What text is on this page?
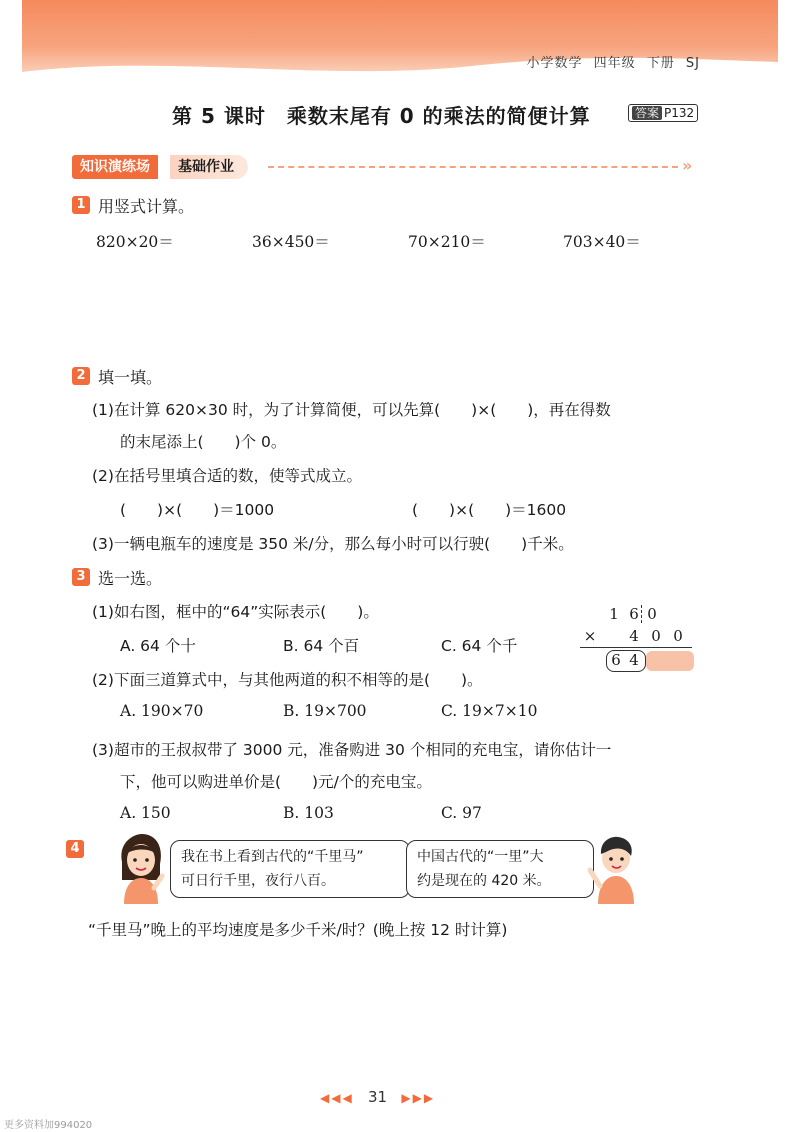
小学数学 四年级 下册 SJ
第 5 课时　乘数末尾有 0 的乘法的简便计算	答案 P132
知识演练场	基础作业	»
1 用竖式计算。
820×20＝	36×450＝	70×210＝	703×40＝
2 填一填。
(1)在计算 620×30 时，为了计算简便，可以先算(　　)×(　　)，再在得数
的末尾添上(　　)个 0。
(2)在括号里填合适的数，使等式成立。
(　　)×(　　)＝1000	(　　)×(　　)＝1600
(3)一辆电瓶车的速度是 350 米/分，那么每小时可以行驶(　　)千米。
3 选一选。
(1)如右图，框中的“64”实际表示(　　)。
A. 64 个十	B. 64 个百	C. 64 个千
1 6 0
× 4 0 0
6 4
(2)下面三道算式中，与其他两道的积不相等的是(　　)。
A. 190×70	B. 19×700	C. 19×7×10
(3)超市的王叔叔带了 3000 元，准备购进 30 个相同的充电宝，请你估计一
下，他可以购进单价是(　　)元/个的充电宝。
A. 150	B. 103	C. 97
4
我在书上看到古代的“千里马”
可日行千里，夜行八百。
中国古代的“一里”大
约是现在的 420 米。
“千里马”晚上的平均速度是多少千米/时？(晚上按 12 时计算)
◀◀◀ 31 ▶▶▶
更多资料加994020
